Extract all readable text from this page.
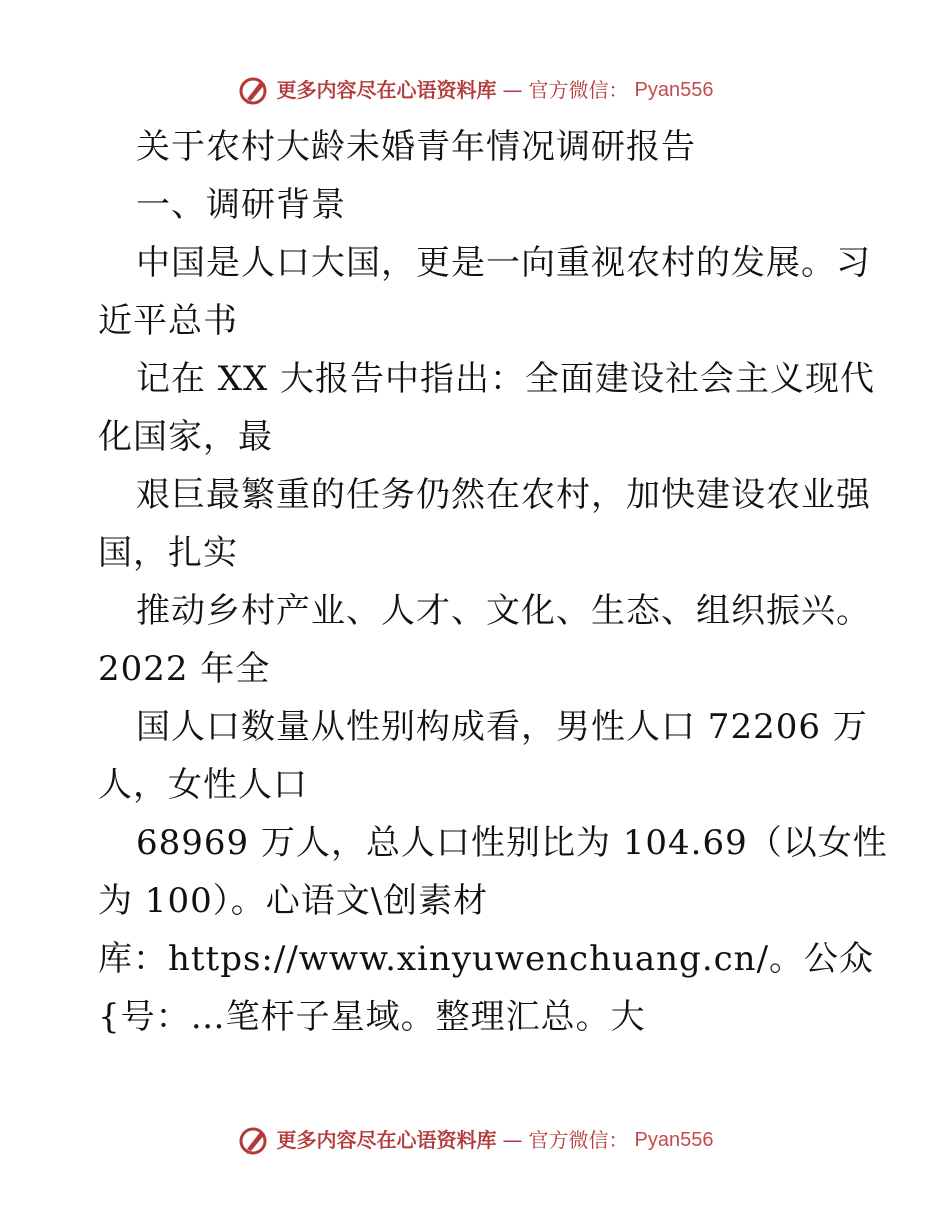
更多内容尽在心语资料库 — 官方微信： Pyan556
关于农村大龄未婚青年情况调研报告
一、调研背景
中国是人口大国，更是一向重视农村的发展。习
近平总书
记在 XX 大报告中指出：全面建设社会主义现代
化国家，最
艰巨最繁重的任务仍然在农村，加快建设农业强
国，扎实
推动乡村产业、人才、文化、生态、组织振兴。
2022 年全
国人口数量从性别构成看，男性人口 72206 万
人，女性人口
68969 万人，总人口性别比为 104.69（以女性
为 100）。心语文\创素材
库：https://www.xinyuwenchuang.cn/。公众
{号：…笔杆子星域。整理汇总。大
更多内容尽在心语资料库 — 官方微信： Pyan556
